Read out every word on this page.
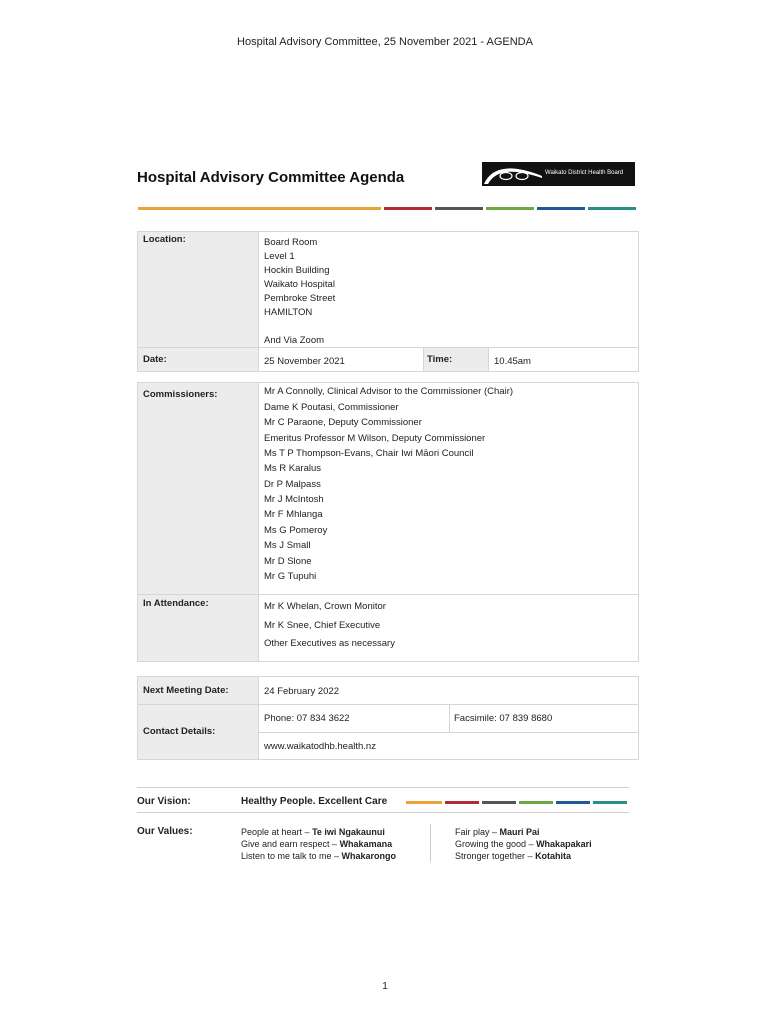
Hospital Advisory Committee, 25 November 2021 - AGENDA
Hospital Advisory Committee Agenda	Waikato District Health Board
Location:	Board Room
Level 1
Hockin Building
Waikato Hospital
Pembroke Street
HAMILTON
And Via Zoom
Date:	25 November 2021	Time:	10.45am
Commissioners:	Mr A Connolly, Clinical Advisor to the Commissioner (Chair)
Dame K Poutasi, Commissioner
Mr C Paraone, Deputy Commissioner
Emeritus Professor M Wilson, Deputy Commissioner
Ms T P Thompson-Evans, Chair Iwi Māori Council
Ms R Karalus
Dr P Malpass
Mr J McIntosh
Mr F Mhlanga
Ms G Pomeroy
Ms J Small
Mr D Slone
Mr G Tupuhi
In Attendance:	Mr K Whelan, Crown Monitor
Mr K Snee, Chief Executive
Other Executives as necessary
Next Meeting Date:	24 February 2022
Contact Details:
Phone: 07 834 3622	Facsimile: 07 839 8680
www.waikatodhb.health.nz
Our Vision:	Healthy People. Excellent Care
Our Values:	People at heart – Te iwi Ngakaunui
Give and earn respect – Whakamana
Listen to me talk to me – Whakarongo
Fair play – Mauri Pai
Growing the good – Whakapakari
Stronger together – Kotahita
1
